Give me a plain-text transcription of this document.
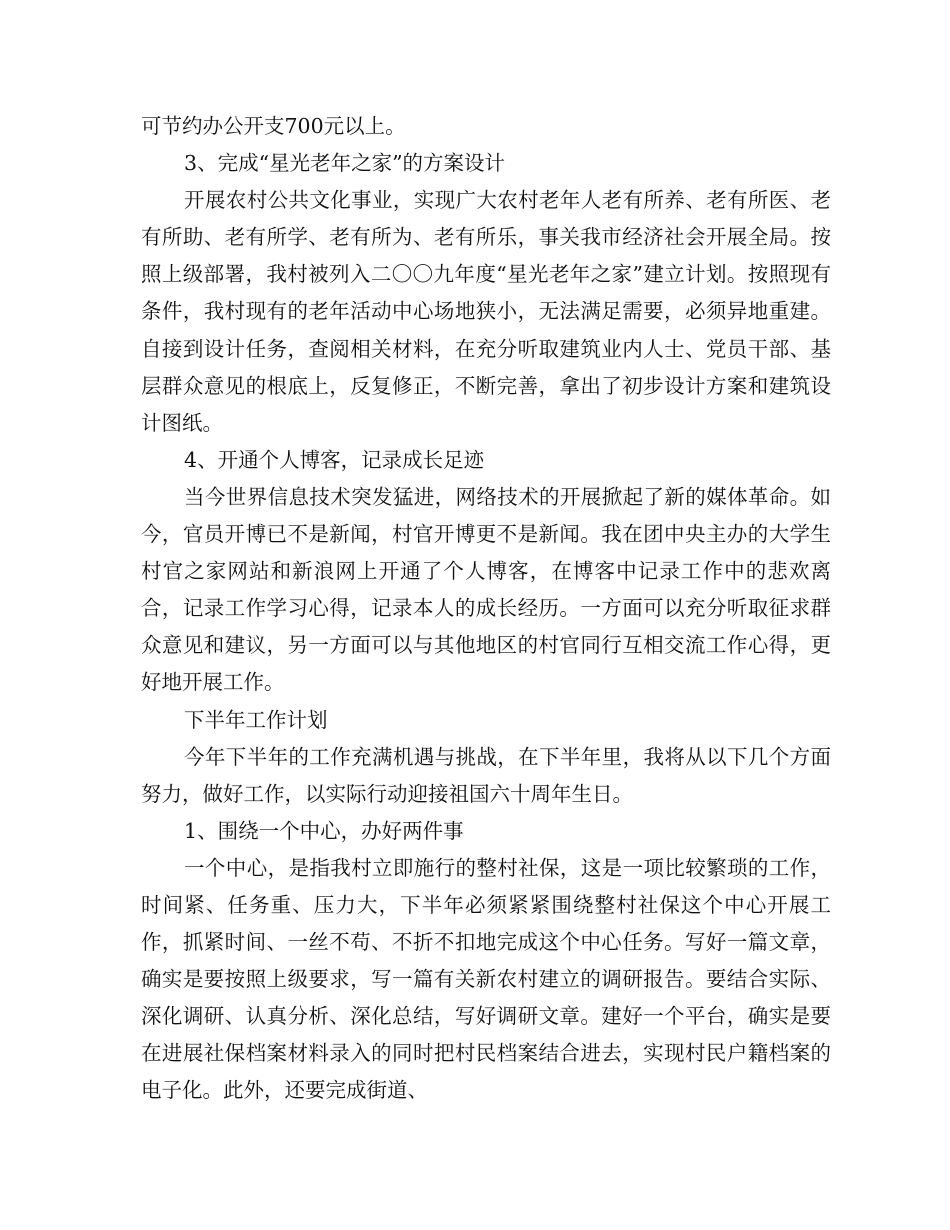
可节约办公开支700元以上。

3、完成“星光老年之家”的方案设计

开展农村公共文化事业，实现广大农村老年人老有所养、老有所医、老有所助、老有所学、老有所为、老有所乐，事关我市经济社会开展全局。按照上级部署，我村被列入二〇〇九年度“星光老年之家”建立计划。按照现有条件，我村现有的老年活动中心场地狭小，无法满足需要，必须异地重建。自接到设计任务，查阅相关材料，在充分听取建筑业内人士、党员干部、基层群众意见的根底上，反复修正，不断完善，拿出了初步设计方案和建筑设计图纸。

4、开通个人博客，记录成长足迹

当今世界信息技术突发猛进，网络技术的开展掀起了新的媒体革命。如今，官员开博已不是新闻，村官开博更不是新闻。我在团中央主办的大学生村官之家网站和新浪网上开通了个人博客，在博客中记录工作中的悲欢离合，记录工作学习心得，记录本人的成长经历。一方面可以充分听取征求群众意见和建议，另一方面可以与其他地区的村官同行互相交流工作心得，更好地开展工作。

下半年工作计划

今年下半年的工作充满机遇与挑战，在下半年里，我将从以下几个方面努力，做好工作，以实际行动迎接祖国六十周年生日。

1、围绕一个中心，办好两件事

一个中心，是指我村立即施行的整村社保，这是一项比较繁琐的工作，时间紧、任务重、压力大，下半年必须紧紧围绕整村社保这个中心开展工作，抓紧时间、一丝不苟、不折不扣地完成这个中心任务。写好一篇文章，确实是要按照上级要求，写一篇有关新农村建立的调研报告。要结合实际、深化调研、认真分析、深化总结，写好调研文章。建好一个平台，确实是要在进展社保档案材料录入的同时把村民档案结合进去，实现村民户籍档案的电子化。此外，还要完成街道、
